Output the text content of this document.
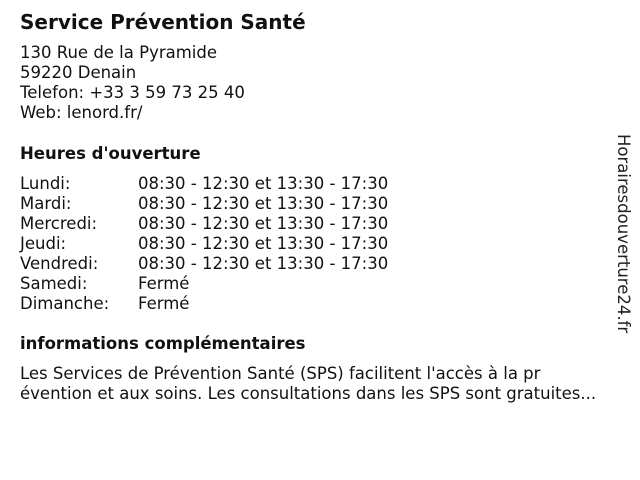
Service Prévention Santé
130 Rue de la Pyramide
59220 Denain
Telefon: +33 3 59 73 25 40
Web: lenord.fr/
Heures d'ouverture
Lundi:	08:30 - 12:30 et 13:30 - 17:30
Mardi:	08:30 - 12:30 et 13:30 - 17:30
Mercredi: 08:30 - 12:30 et 13:30 - 17:30
Jeudi:	08:30 - 12:30 et 13:30 - 17:30
Vendredi: 08:30 - 12:30 et 13:30 - 17:30
Samedi:	Fermé
Dimanche: Fermé
informations complémentaires
Les Services de Prévention Santé (SPS) facilitent l'accès à la pr
évention et aux soins. Les consultations dans les SPS sont gratuites...
Horairesdouverture24.fr
